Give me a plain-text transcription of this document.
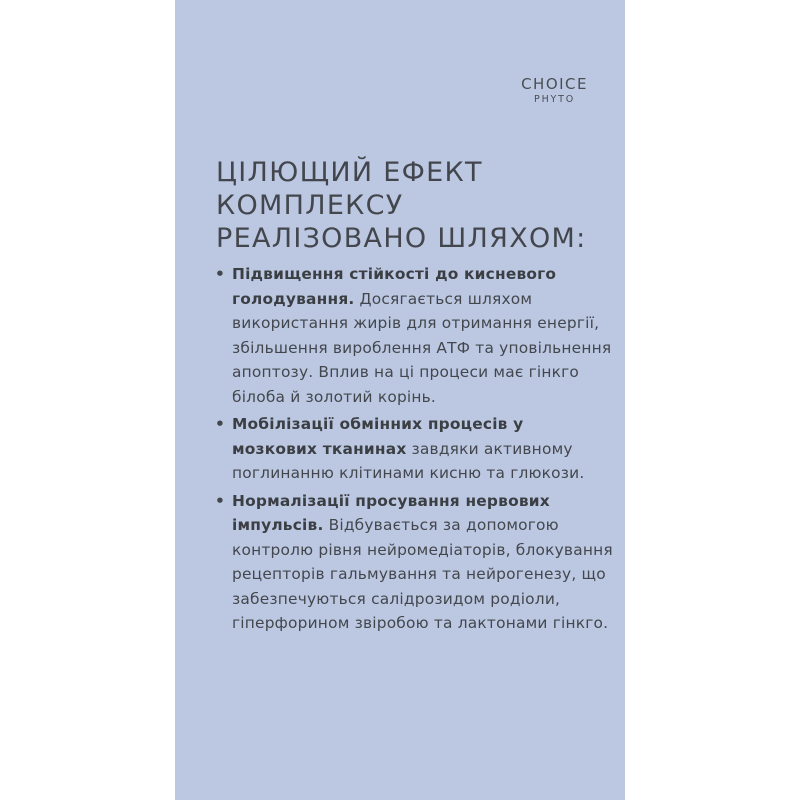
CHOICE
PHYTO
ЦІЛЮЩИЙ ЕФЕКТ
КОМПЛЕКСУ
РЕАЛІЗОВАНО ШЛЯХОМ:
• Підвищення стійкості до кисневого голодування. Досягається шляхом використання жирів для отримання енергії, збільшення вироблення АТФ та уповільнення апоптозу. Вплив на ці процеси має гінкго білоба й золотий корінь.
• Мобілізації обмінних процесів у мозкових тканинах завдяки активному поглинанню клітинами кисню та глюкози.
• Нормалізації просування нервових імпульсів. Відбувається за допомогою контролю рівня нейромедіаторів, блокування рецепторів гальмування та нейрогенезу, що забезпечуються салідрозидом родіоли, гіперфорином звіробою та лактонами гінкго.
